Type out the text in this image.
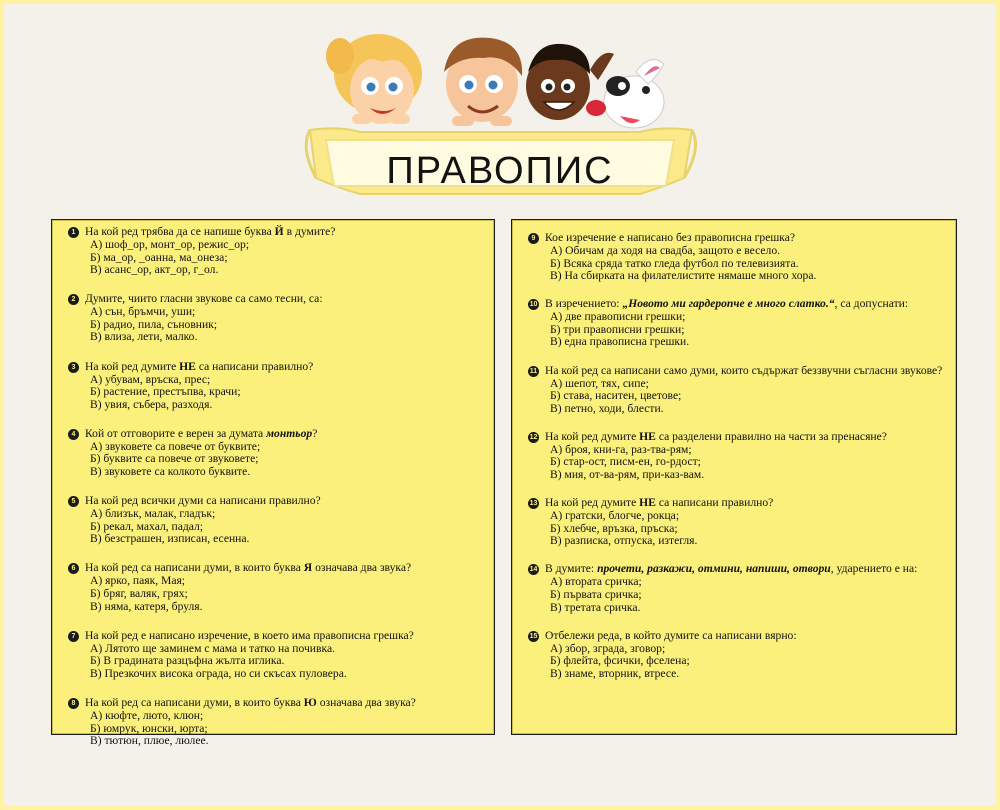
ПРАВОПИС
1 На кой ред трябва да се напише буква Й в думите?
А) шоф_ор, монт_ор, режис_ор;
Б) ма_ор, _оанна, ма_онеза;
В) асанс_ор, акт_ор, г_ол.
2 Думите, чиито гласни звукове са само тесни, са:
А) сън, бръмчи, уши;
Б) радио, пила, съновник;
В) влиза, лети, малко.
3 На кой ред думите НЕ са написани правилно?
А) убувам, връска, прес;
Б) растение, престъпва, крачи;
В) увия, събера, разходя.
4 Кой от отговорите е верен за думата монтьор?
А) звуковете са повече от буквите;
Б) буквите са повече от звуковете;
В) звуковете са колкото буквите.
5 На кой ред всички думи са написани правилно?
А) близък, малак, гладък;
Б) рекал, махал, падал;
В) безстрашен, изписан, есенна.
6 На кой ред са написани думи, в които буква Я означава два звука?
А) ярко, паяк, Мая;
Б) бряг, валяк, грях;
В) няма, катеря, бруля.
7 На кой ред е написано изречение, в което има правописна грешка?
А) Лятото ще заминем с мама и татко на почивка.
Б) В градината разцъфна жълта иглика.
В) Презкочих висока ограда, но си скъсах пуловера.
8 На кой ред са написани думи, в които буква Ю означава два звука?
А) кюфте, люто, клюн;
Б) юмрук, юнски, юрта;
В) тютюн, плюе, люлее.
9 Кое изречение е написано без правописна грешка?
А) Обичам да ходя на свадба, защото е весело.
Б) Всяка сряда татко гледа футбол по телевизията.
В) На сбирката на филателистите нямаше много хора.
10 В изречението: „Новото ми гардеропче е много слатко.“, са допуснати:
А) две правописни грешки;
Б) три правописни грешки;
В) една правописна грешки.
11 На кой ред са написани само думи, които съдържат беззвучни съгласни звукове?
А) шепот, тях, сипе;
Б) става, наситен, цветове;
В) петно, ходи, блести.
12 На кой ред думите НЕ са разделени правилно на части за пренасяне?
А) броя, кни-га, раз-тва-рям;
Б) стар-ост, писм-ен, го-рдост;
В) мия, от-ва-рям, при-каз-вам.
13 На кой ред думите НЕ са написани правилно?
А) гратски, блогче, рокца;
Б) хлебче, връзка, пръска;
В) разписка, отпуска, изтегля.
14 В думите: прочети, разкажи, отмини, напиши, отвори, ударението е на:
А) втората сричка;
Б) първата сричка;
В) третата сричка.
15 Отбележи реда, в който думите са написани вярно:
А) збор, зграда, зговор;
Б) флейта, фсички, фселена;
В) знаме, вторник, втресе.
